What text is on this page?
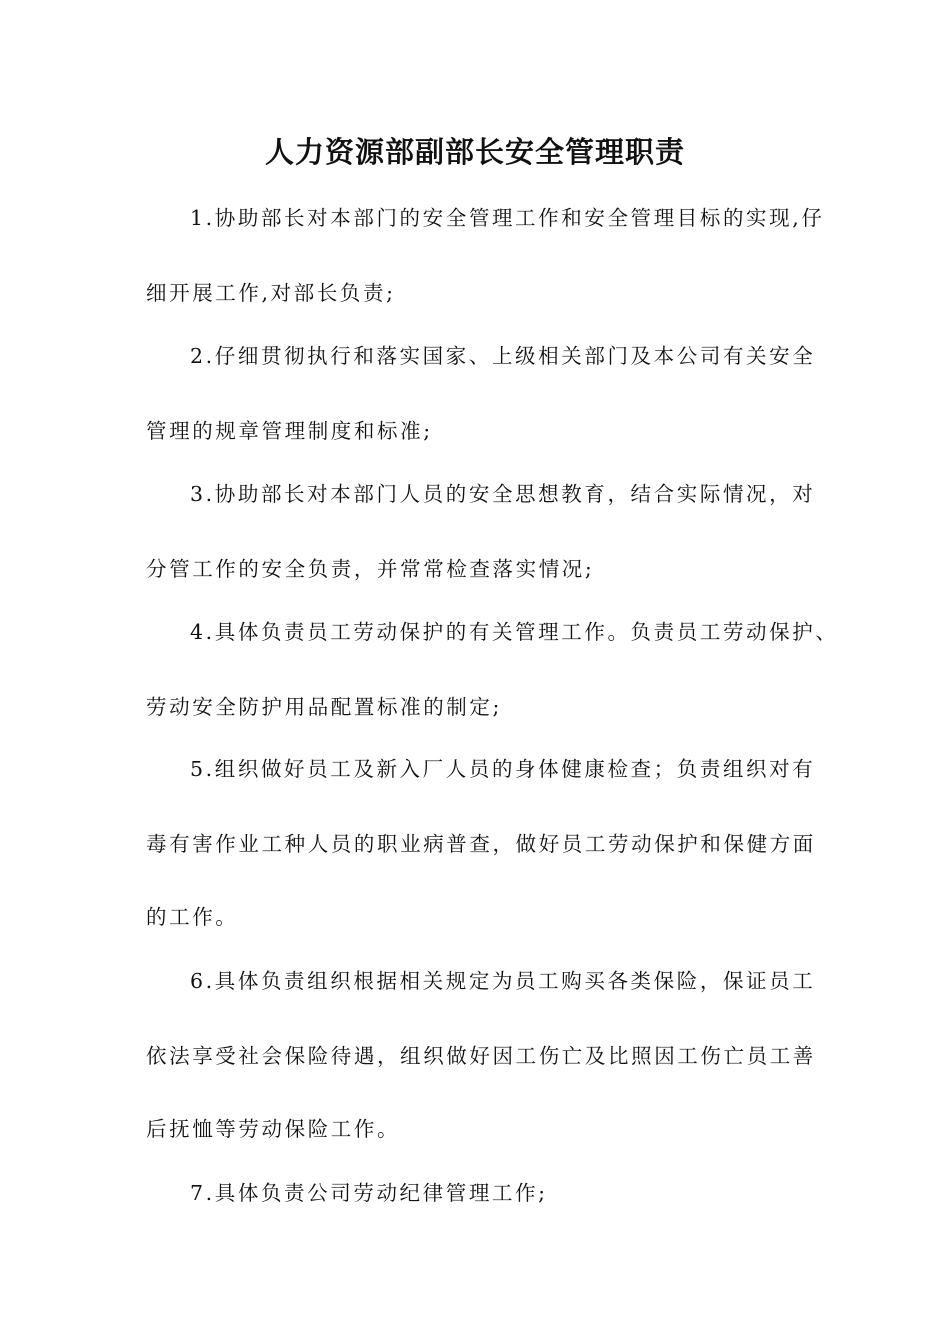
人力资源部副部长安全管理职责
1.协助部长对本部门的安全管理工作和安全管理目标的实现,仔
细开展工作,对部长负责;
2.仔细贯彻执行和落实国家、上级相关部门及本公司有关安全
管理的规章管理制度和标准;
3.协助部长对本部门人员的安全思想教育，结合实际情况，对
分管工作的安全负责，并常常检查落实情况;
4.具体负责员工劳动保护的有关管理工作。负责员工劳动保护、
劳动安全防护用品配置标准的制定;
5.组织做好员工及新入厂人员的身体健康检查；负责组织对有
毒有害作业工种人员的职业病普查，做好员工劳动保护和保健方面
的工作。
6.具体负责组织根据相关规定为员工购买各类保险，保证员工
依法享受社会保险待遇，组织做好因工伤亡及比照因工伤亡员工善
后抚恤等劳动保险工作。
7.具体负责公司劳动纪律管理工作;
